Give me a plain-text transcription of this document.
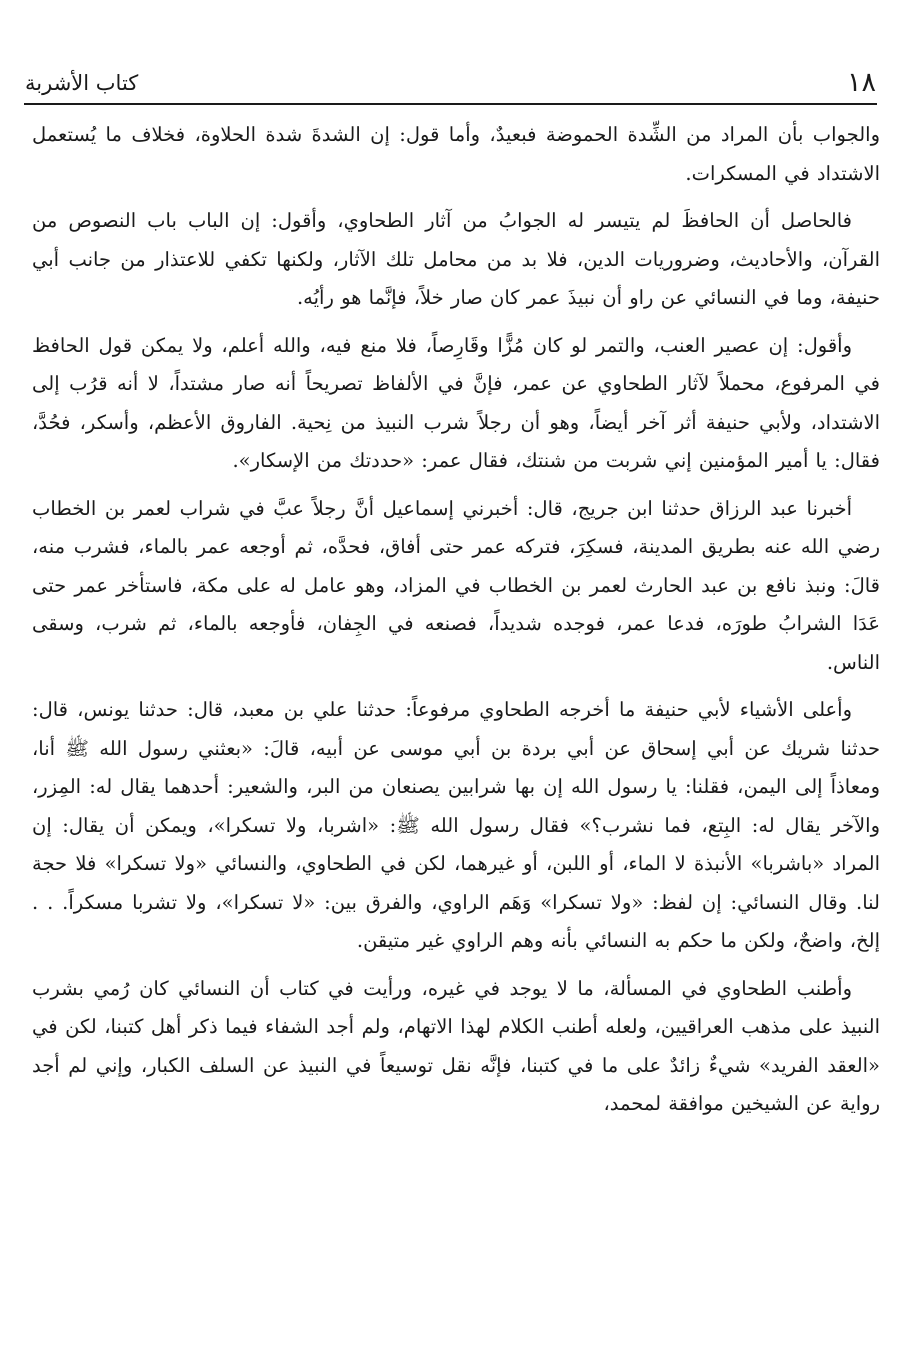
١٨
كتاب الأشربة

والجواب بأن المراد من الشِّدة الحموضة فبعيدٌ، وأما قول: إن الشدةَ شدة الحلاوة، فخلاف ما يُستعمل الاشتداد في المسكرات.

فالحاصل أن الحافظَ لم يتيسر له الجوابُ من آثار الطحاوي، وأقول: إن الباب باب النصوص من القرآن، والأحاديث، وضروريات الدين، فلا بد من محامل تلك الآثار، ولكنها تكفي للاعتذار من جانب أبي حنيفة، وما في النسائي عن راو أن نبيذَ عمر كان صار خلاً، فإنَّما هو رأيُه.

وأقول: إن عصير العنب، والتمر لو كان مُزًّا وقَارِصاً، فلا منع فيه، والله أعلم، ولا يمكن قول الحافظ في المرفوع، محملاً لآثار الطحاوي عن عمر، فإنَّ في الألفاظ تصريحاً أنه صار مشتداً، لا أنه قرُب إلى الاشتداد، ولأبي حنيفة أثر آخر أيضاً، وهو أن رجلاً شرب النبيذ من نِحية. الفاروق الأعظم، وأسكر، فحُدَّ، فقال: يا أمير المؤمنين إني شربت من شنتك، فقال عمر: «حددتك من الإسكار».

أخبرنا عبد الرزاق حدثنا ابن جريج، قال: أخبرني إسماعيل أنَّ رجلاً عبَّ في شراب لعمر بن الخطاب رضي الله عنه بطريق المدينة، فسكِرَ، فتركه عمر حتى أفاق، فحدَّه، ثم أوجعه عمر بالماء، فشرب منه، قالَ: ونبذ نافع بن عبد الحارث لعمر بن الخطاب في المزاد، وهو عامل له على مكة، فاستأخر عمر حتى عَدَا الشرابُ طورَه، فدعا عمر، فوجده شديداً، فصنعه في الجِفان، فأوجعه بالماء، ثم شرب، وسقى الناس.

وأعلى الأشياء لأبي حنيفة ما أخرجه الطحاوي مرفوعاً: حدثنا علي بن معبد، قال: حدثنا يونس، قال: حدثنا شريك عن أبي إسحاق عن أبي بردة بن أبي موسى عن أبيه، قالَ: «بعثني رسول الله ﷺ أنا، ومعاذاً إلى اليمن، فقلنا: يا رسول الله إن بها شرابين يصنعان من البر، والشعير: أحدهما يقال له: المِزر، والآخر يقال له: البِتع، فما نشرب؟» فقال رسول الله ﷺ: «اشربا، ولا تسكرا»، ويمكن أن يقال: إن المراد «باشربا» الأنبذة لا الماء، أو اللبن، أو غيرهما، لكن في الطحاوي، والنسائي «ولا تسكرا» فلا حجة لنا. وقال النسائي: إن لفظ: «ولا تسكرا» وَهَم الراوي، والفرق بين: «لا تسكرا»، ولا تشربا مسكراً. . . إلخ، واضحٌ، ولكن ما حكم به النسائي بأنه وهم الراوي غير متيقن.

وأطنب الطحاوي في المسألة، ما لا يوجد في غيره، ورأيت في كتاب أن النسائي كان رُمي بشرب النبيذ على مذهب العراقيين، ولعله أطنب الكلام لهذا الاتهام، ولم أجد الشفاء فيما ذكر أهل كتبنا، لكن في «العقد الفريد» شيءٌ زائدٌ على ما في كتبنا، فإنَّه نقل توسيعاً في النبيذ عن السلف الكبار، وإني لم أجد رواية عن الشيخين موافقة لمحمد،
